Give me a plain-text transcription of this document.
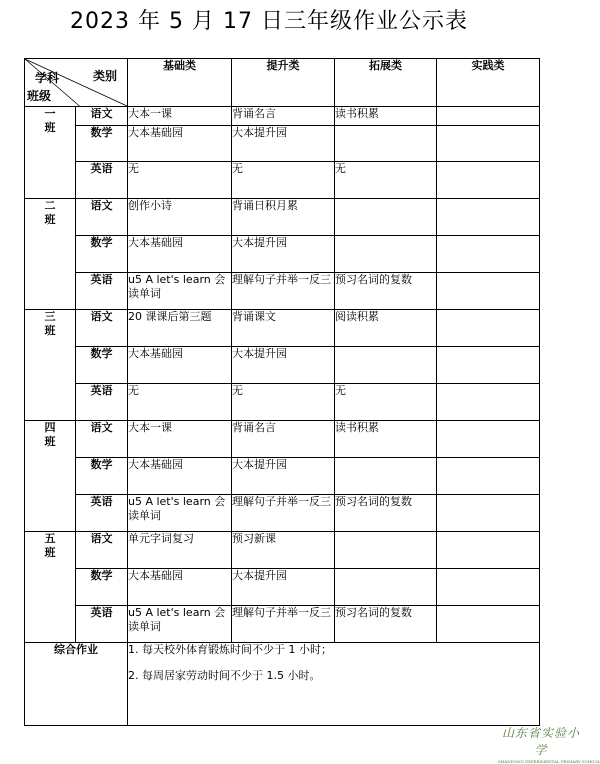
2023 年 5 月 17 日三年级作业公示表
类别
学科
班级		基础类	提升类	拓展类	实践类
一
班	语文	大本一课	背诵名言	读书积累	
	数学	大本基础园	大本提升园		
	英语	无	无	无	
二
班	语文	创作小诗	背诵日积月累		
	数学	大本基础园	大本提升园		
	英语	u5 A let's learn 会读单词	理解句子并举一反三	预习名词的复数	
三
班	语文	20 课课后第三题	背诵课文	阅读积累	
	数学	大本基础园	大本提升园		
	英语	无	无	无	
四
班	语文	大本一课	背诵名言	读书积累	
	数学	大本基础园	大本提升园		
	英语	u5 A let's learn 会读单词	理解句子并举一反三	预习名词的复数	
五
班	语文	单元字词复习	预习新课		
	数学	大本基础园	大本提升园		
	英语	u5 A let's learn 会读单词	理解句子并举一反三	预习名词的复数	
综合作业		1. 每天校外体育锻炼时间不少于 1 小时；
2. 每周居家劳动时间不少于 1.5 小时。			
山东省实验小学
SHANDONG EXPERIMENTAL PRIMARY SCHOOL
